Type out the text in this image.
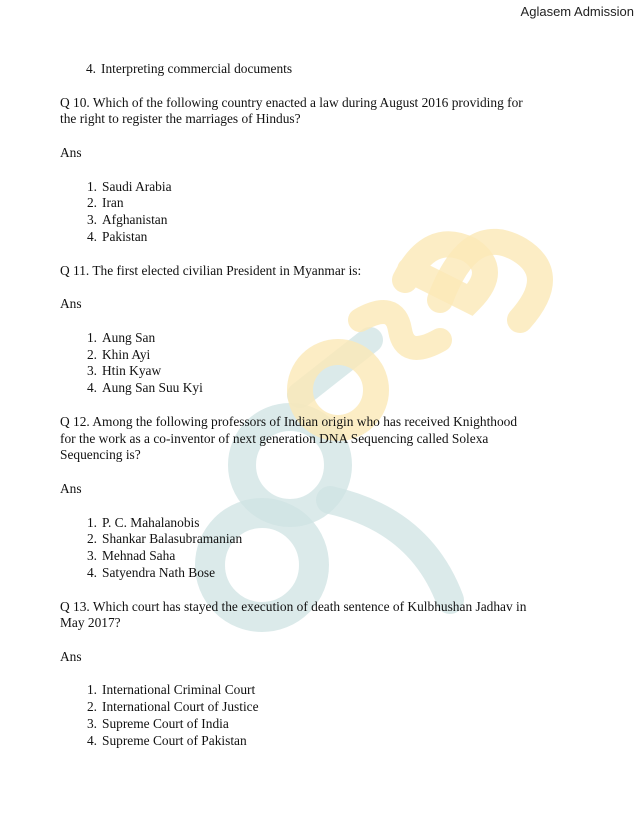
Aglasem Admission
4. Interpreting commercial documents

Q 10. Which of the following country enacted a law during August 2016 providing for

the right to register the marriages of Hindus?

Ans

1. Saudi Arabia
2. Iran
3. Afghanistan
4. Pakistan

Q 11. The first elected civilian President in Myanmar is:

Ans

1. Aung San
2. Khin Ayi
3. Htin Kyaw
4. Aung San Suu Kyi

Q 12. Among the following professors of Indian origin who has received Knighthood

for the work as a co-inventor of next generation DNA Sequencing called Solexa

Sequencing is?

Ans

1. P. C. Mahalanobis
2. Shankar Balasubramanian
3. Mehnad Saha
4. Satyendra Nath Bose

Q 13. Which court has stayed the execution of death sentence of Kulbhushan Jadhav in

May 2017?

Ans

1. International Criminal Court
2. International Court of Justice
3. Supreme Court of India
4. Supreme Court of Pakistan
